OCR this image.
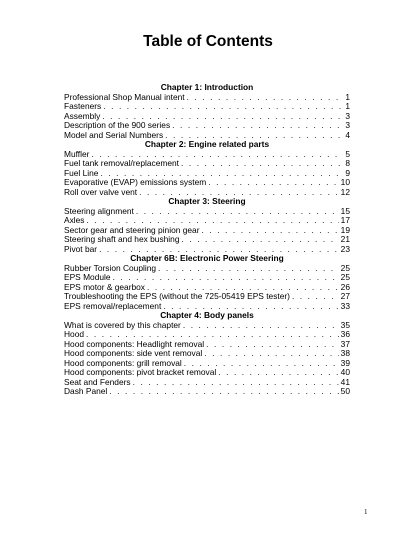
Table of Contents
Chapter 1: Introduction
Professional Shop Manual intent . . .	1
Fasteners . . .	1
Assembly . . .	3
Description of the 900 series . . .	3
Model and Serial Numbers . . .	4
Chapter 2: Engine related parts
Muffler . . .	5
Fuel tank removal/replacement . . .	8
Fuel Line . . .	9
Evaporative (EVAP) emissions system . . .	10
Roll over valve vent . . .	12
Chapter 3: Steering
Steering alignment . . .	15
Axles . . .	17
Sector gear and steering pinion gear . . .	19
Steering shaft and hex bushing . . .	21
Pivot bar . . .	23
Chapter 6B: Electronic Power Steering
Rubber Torsion Coupling . . .	25
EPS Module . . .	25
EPS motor & gearbox . . .	26
Troubleshooting the EPS (without the 725-05419 EPS tester) . . .	27
EPS removal/replacement . . .	33
Chapter 4: Body panels
What is covered by this chapter . . .	35
Hood . . .	36
Hood components: Headlight removal . . .	37
Hood components: side vent removal . . .	38
Hood components: grill removal . . .	39
Hood components: pivot bracket removal . . .	40
Seat and Fenders . . .	41
Dash Panel . . .	50
1
